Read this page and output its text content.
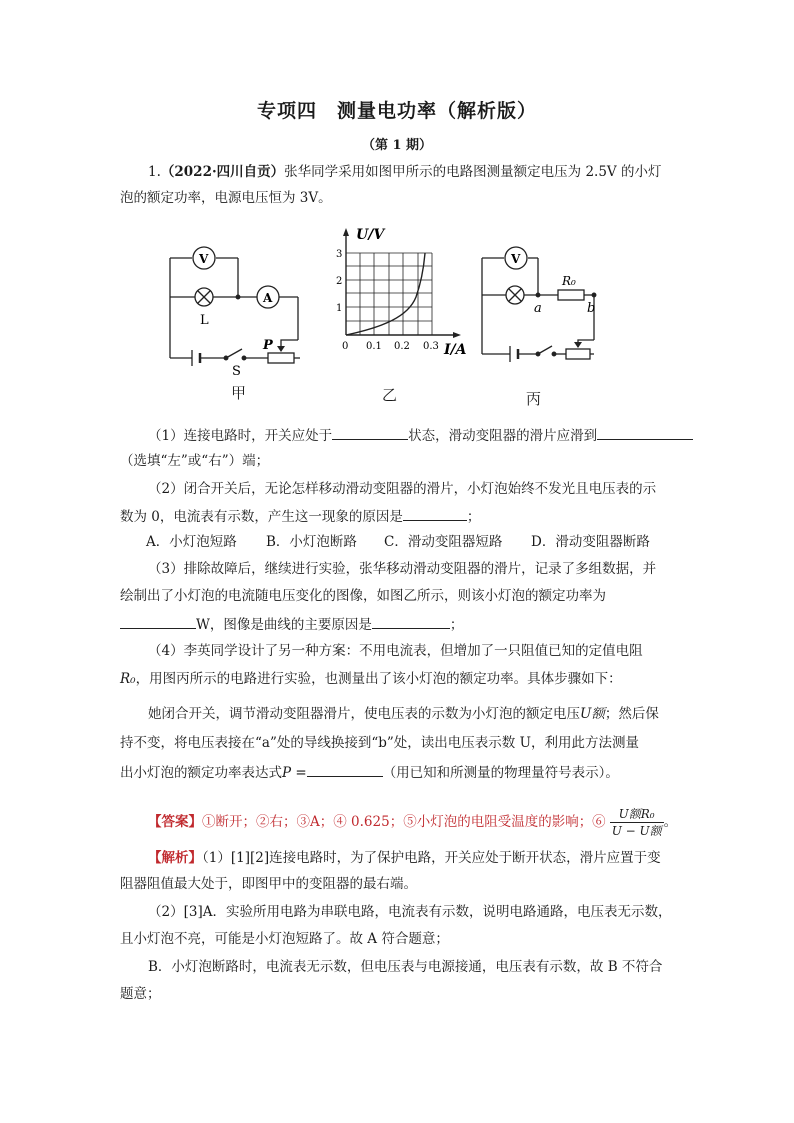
专项四　测量电功率（解析版）
（第 1 期）
1.（2022·四川自贡）张华同学采用如图甲所示的电路图测量额定电压为 2.5V 的小灯
泡的额定功率，电源电压恒为 3V。
V
A
L
S
P
甲
U/V
I/A
3
2
1
0 0.1 0.2 0.3
乙
V
R₀
a	b
丙
（1）连接电路时，开关应处于	状态，滑动变阻器的滑片应滑到
（选填“左”或“右”）端；
（2）闭合开关后，无论怎样移动滑动变阻器的滑片，小灯泡始终不发光且电压表的示
数为 0，电流表有示数，产生这一现象的原因是	；
A．小灯泡短路 B．小灯泡断路 C．滑动变阻器短路 D．滑动变阻器断路
（3）排除故障后，继续进行实验，张华移动滑动变阻器的滑片，记录了多组数据，并
绘制出了小灯泡的电流随电压变化的图像，如图乙所示，则该小灯泡的额定功率为
W，图像是曲线的主要原因是	；
（4）李英同学设计了另一种方案：不用电流表，但增加了一只阻值已知的定值电阻
R₀，用图丙所示的电路进行实验，也测量出了该小灯泡的额定功率。具体步骤如下：
她闭合开关，调节滑动变阻器滑片，使电压表的示数为小灯泡的额定电压U额；然后保
持不变，将电压表接在“a”处的导线换接到“b”处，读出电压表示数 U，利用此方法测量
出小灯泡的额定功率表达式P =	（用已知和所测量的物理量符号表示）。
【答案】①断开；②右；③A；④ 0.625；⑤小灯泡的电阻受温度的影响；⑥ $\frac{\text{U额R₀}}{\text{U − U额}}$ 。
【解析】（1）[1][2]连接电路时，为了保护电路，开关应处于断开状态，滑片应置于变
阻器阻值最大处于，即图甲中的变阻器的最右端。
（2）[3]A．实验所用电路为串联电路，电流表有示数，说明电路通路，电压表无示数，
且小灯泡不亮，可能是小灯泡短路了。故 A 符合题意；
B．小灯泡断路时，电流表无示数，但电压表与电源接通，电压表有示数，故 B 不符合
题意；
